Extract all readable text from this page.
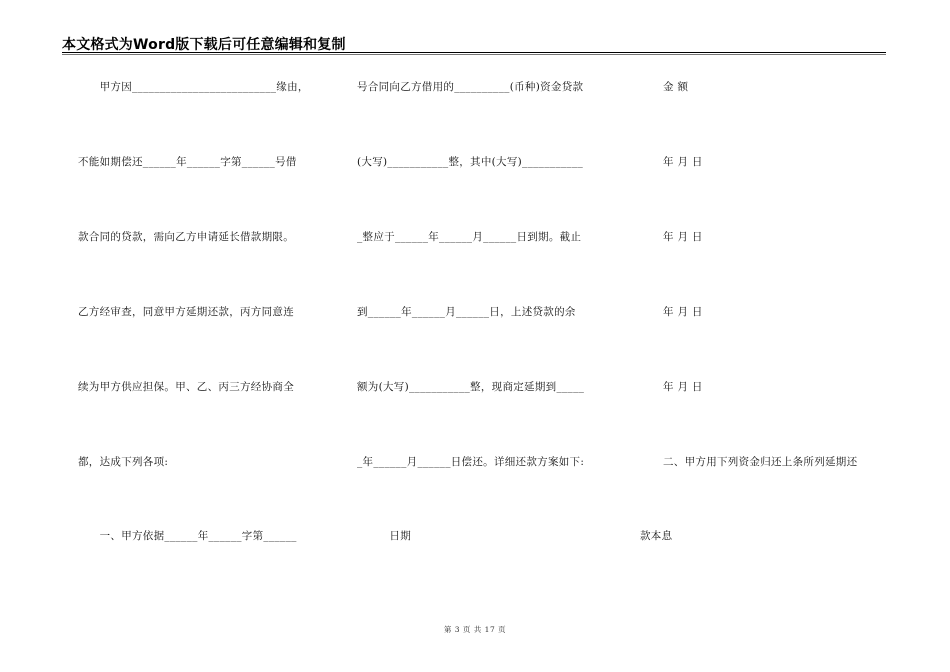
本文格式为Word版下载后可任意编辑和复制
　　甲方因__________________________缘由，
不能如期偿还______年______字第______号借
款合同的贷款，需向乙方申请延长借款期限。
乙方经审查，同意甲方延期还款，丙方同意连
续为甲方供应担保。甲、乙、丙三方经协商全
都，达成下列各项:
　　一、甲方依据______年______字第______
号合同向乙方借用的__________(币种)资金贷款
(大写)___________整，其中(大写)___________
_整应于______年______月______日到期。截止
到______年______月______日，上述贷款的余
额为(大写)___________整，现商定延期到_____
_年______月______日偿还。详细还款方案如下:
　　　日期
金 额
年 月 日
年 月 日
年 月 日
年 月 日
二、甲方用下列资金归还上条所列延期还
款本息
第 3 页 共 17 页
